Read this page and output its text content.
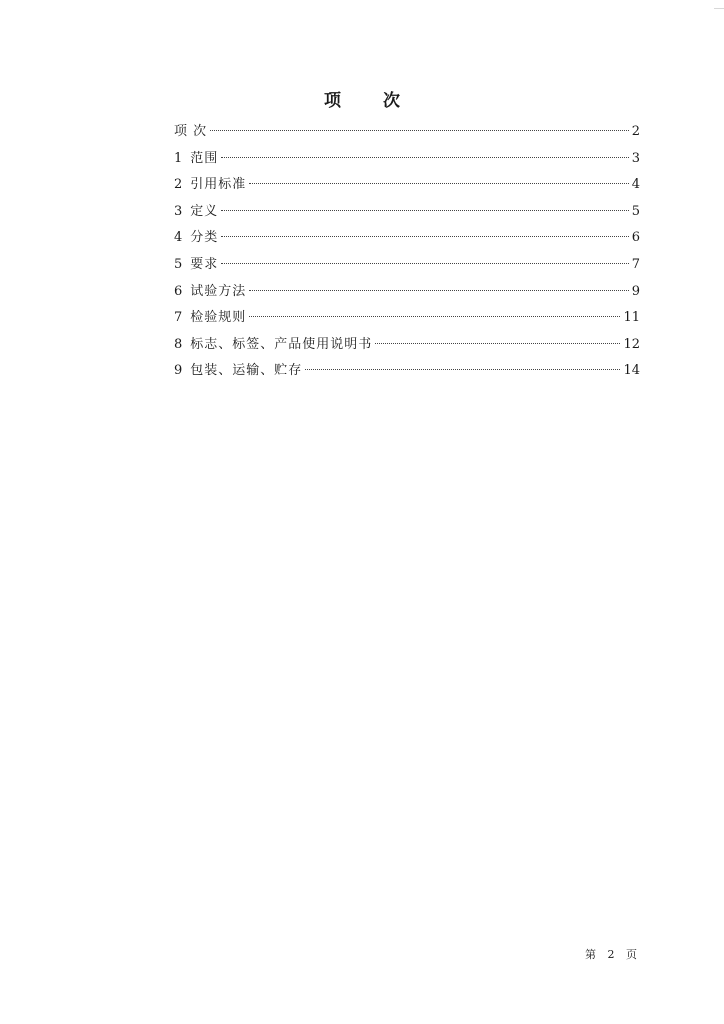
项 次
项 次	2
1 范围	3
2 引用标准	4
3 定义	5
4 分类	6
5 要求	7
6 试验方法	9
7 检验规则	11
8 标志、标签、产品使用说明书	12
9 包装、运输、贮存	14
第 2 页
